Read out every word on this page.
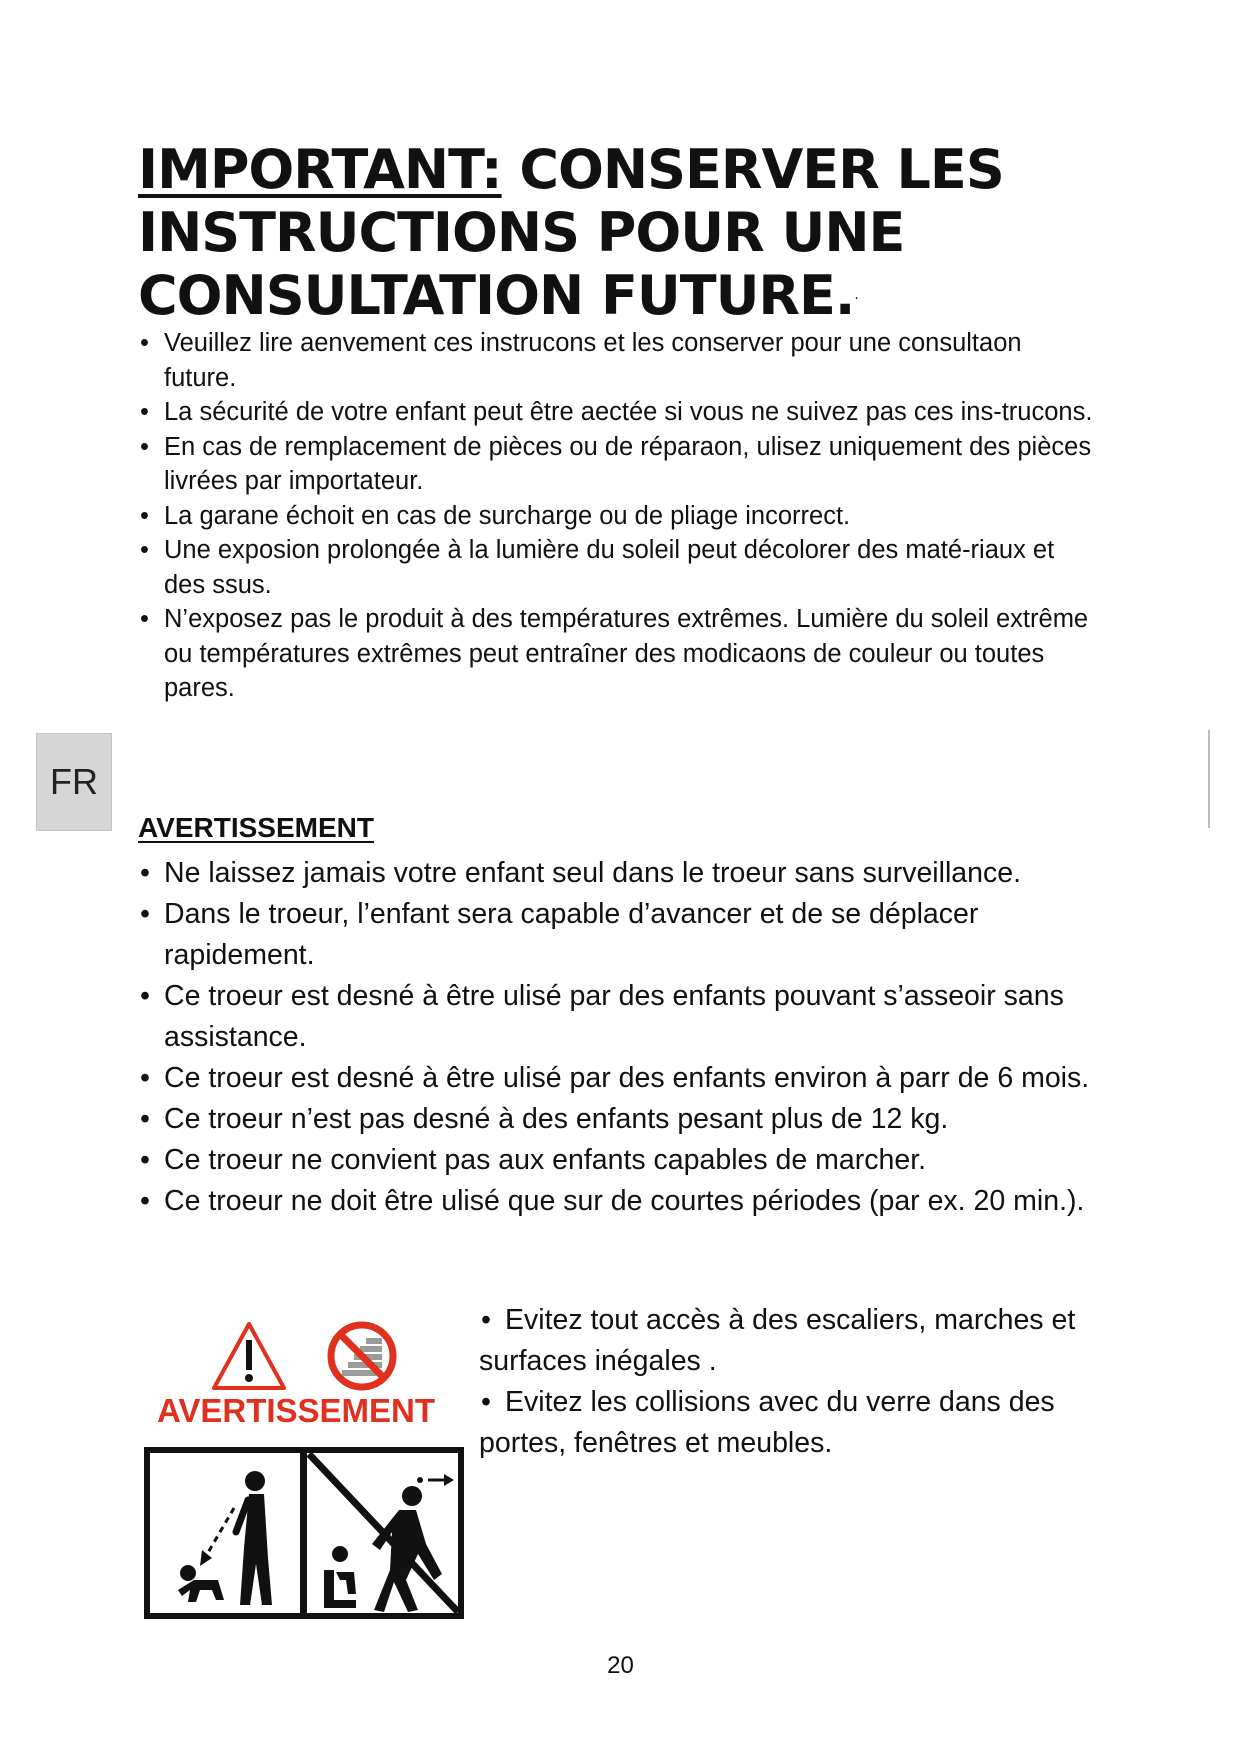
IMPORTANT: CONSERVER LES INSTRUCTIONS POUR UNE CONSULTATION FUTURE.·
• Veuillez lire aenvement ces instrucons et les conserver pour une consultaon future.
• La sécurité de votre enfant peut être aectée si vous ne suivez pas ces ins-trucons.
• En cas de remplacement de pièces ou de réparaon, ulisez uniquement des pièces livrées par importateur.
• La garane échoit en cas de surcharge ou de pliage incorrect.
• Une exposion prolongée à la lumière du soleil peut décolorer des maté-riaux et des ssus.
• N’exposez pas le produit à des températures extrêmes. Lumière du soleil extrême ou températures extrêmes peut entraîner des modicaons de couleur ou toutes pares.
FR
AVERTISSEMENT
• Ne laissez jamais votre enfant seul dans le troeur sans surveillance.
• Dans le troeur, l’enfant sera capable d’avancer et de se déplacer rapidement.
• Ce troeur est desné à être ulisé par des enfants pouvant s’asseoir sans assistance.
• Ce troeur est desné à être ulisé par des enfants environ à parr de 6 mois.
• Ce troeur n’est pas desné à des enfants pesant plus de 12 kg.
• Ce troeur ne convient pas aux enfants capables de marcher.
• Ce troeur ne doit être ulisé que sur de courtes périodes (par ex. 20 min.).
• Evitez tout accès à des escaliers, marches et surfaces inégales .
• Evitez les collisions avec du verre dans des portes, fenêtres et meubles.
AVERTISSEMENT
20
